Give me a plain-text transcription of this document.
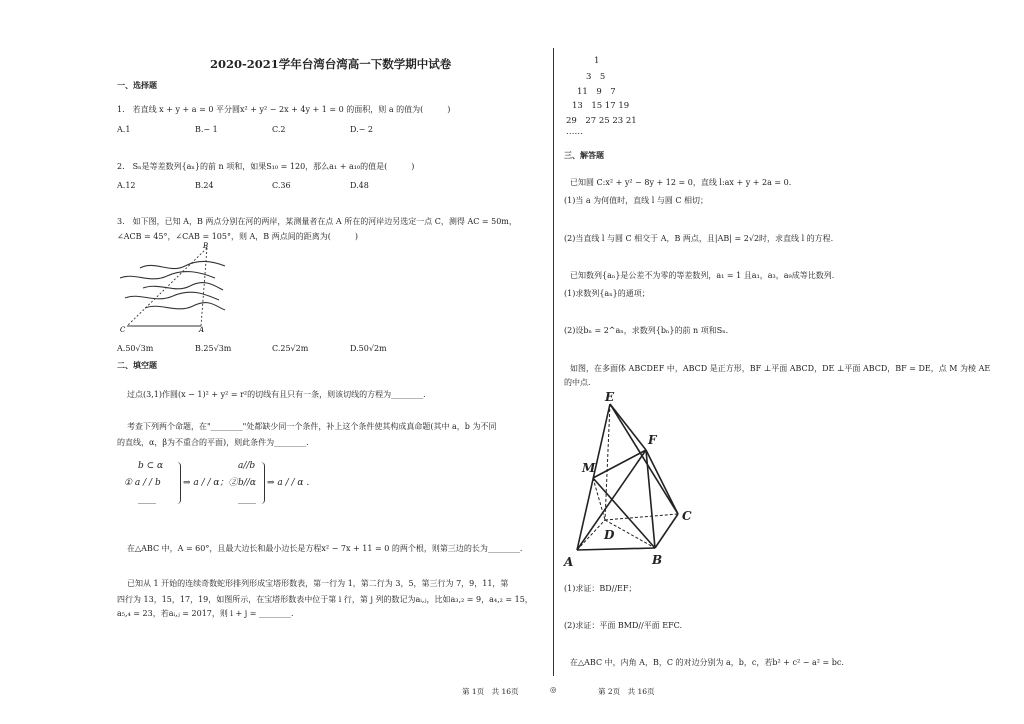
2020-2021学年台湾台湾高一下数学期中试卷
一、选择题
1.　若直线 x + y + a = 0 平分圆x² + y² − 2x + 4y + 1 = 0 的面积，则 a 的值为(　　　)
A.1	B.− 1	C.2	D.− 2
2.　Sₙ是等差数列{aₙ}的前 n 项和，如果S₁₀ = 120，那么a₁ + a₁₀的值是(　　　)
A.12	B.24	C.36	D.48
3.　如下图，已知 A，B 两点分别在河的两岸，某测量者在点 A 所在的河岸边另选定一点 C，测得 AC = 50m，
∠ACB = 45°，∠CAB = 105°，则 A，B 两点间的距离为(　　　)
B
C	A
A.50√3m	B.25√3m	C.25√2m	D.50√2m
二、填空题
过点(3,1)作圆(x − 1)² + y² = r²的切线有且只有一条，则该切线的方程为________.
考查下列两个命题，在"________"处都缺少同一个条件，补上这个条件使其构成真命题(其中 a，b 为不同
的直线，α，β为不重合的平面)，则此条件为________.
b ⊂ α
① a / / b
____
⇒ a / / α；②
a//b
b//α
____
⇒ a / / α .
在△ABC 中，A = 60°，且最大边长和最小边长是方程x² − 7x + 11 = 0 的两个根，则第三边的长为________.
已知从 1 开始的连续奇数蛇形排列形成宝塔形数表，第一行为 1，第二行为 3，5，第三行为 7，9，11，第
四行为 13，15，17，19，如图所示，在宝塔形数表中位于第 i 行，第 j 列的数记为aᵢ,ⱼ，比如a₃,₂ = 9，a₄,₂ = 15，
a₅,₄ = 23，若aᵢ,ⱼ = 2017，则 i + j = ________.
1
3　5
11　9　7
13　15 17 19
29　27 25 23 21
……
三、解答题
已知圆 C:x² + y² − 8y + 12 = 0，直线 l:ax + y + 2a = 0.
(1)当 a 为何值时，直线 l 与圆 C 相切；
(2)当直线 l 与圆 C 相交于 A，B 两点，且|AB| = 2√2时，求直线 l 的方程.
已知数列{aₙ}是公差不为零的等差数列，a₁ = 1 且a₁，a₃，a₉成等比数列.
(1)求数列{aₙ}的通项；
(2)设bₙ = 2^aₙ，求数列{bₙ}的前 n 项和Sₙ.
如图，在多面体 ABCDEF 中，ABCD 是正方形，BF ⊥平面 ABCD，DE ⊥平面 ABCD，BF = DE，点 M 为棱 AE
的中点.
E
F
M
C
D
B
A
(1)求证：BD//EF；
(2)求证：平面 BMD//平面 EFC.
在△ABC 中，内角 A，B，C 的对边分别为 a，b，c，若b² + c² − a² = bc.
第 1页　共 16页	◎	第 2页　共 16页
